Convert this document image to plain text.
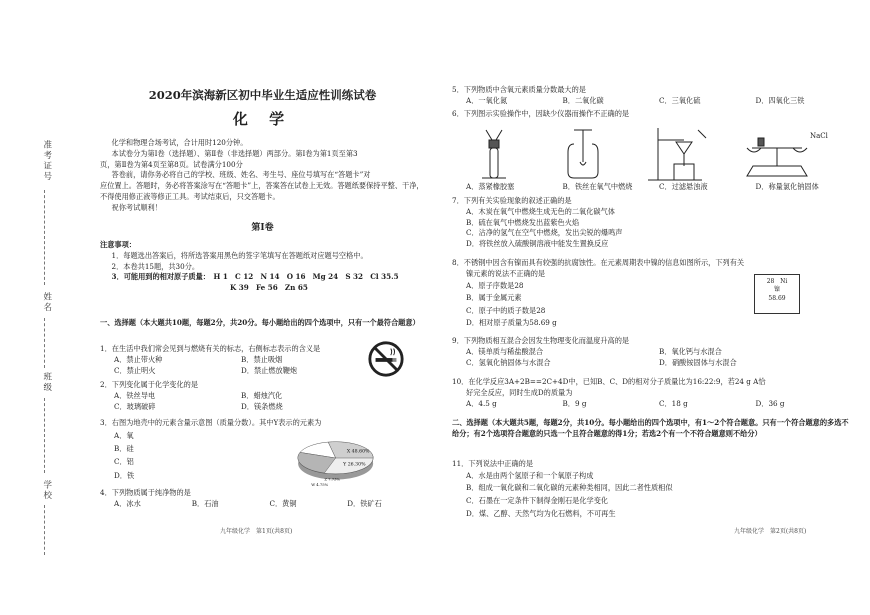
准考证号
姓名
班级
学校
2020年滨海新区初中毕业生适应性训练试卷
化 学

化学和物理合场考试，合计用时120分钟。

本试卷分为第Ⅰ卷（选择题）、第Ⅱ卷（非选择题）两部分。第Ⅰ卷为第1页至第3

页，第Ⅱ卷为第4页至第8页。试卷满分100分

答卷前，请你务必将自己的学校、班级、姓名、考生号、座位号填写在“答题卡”对

应位置上。答题时，务必将答案涂写在“答题卡”上，答案答在试卷上无效。答题纸要保持平整、干净，不得使用修正液等修正工具。考试结束后，只交答题卡。

祝你考试顺利！

第Ⅰ卷

注意事项：

1．每题选出答案后，将所选答案用黑色的签字笔填写在答题纸对应题号空格中。

2．本卷共15题，共30分。

3．可能用到的相对原子质量：　H 1　C 12　N 14　O 16　Mg 24　S 32　Cl 35.5

K 39　Fe 56　Zn 65

一、选择题（本大题共10题，每题2分，共20分。每小题给出的四个选项中，只有一个最符合题意）

1．在生活中我们常会见到与燃烧有关的标志，右侧标志表示的含义是

A．禁止带火种	B．禁止吸烟
C．禁止明火	D．禁止燃放鞭炮

2．下列变化属于化学变化的是

A．铁丝导电	B．蜡烛汽化
C．玻璃破碎	D．镁条燃烧

3．右图为地壳中的元素含量示意图（质量分数）。其中Y表示的元素为

A．氧

B．硅

C．铝

D．铁

X 48.60%
Y 26.30%
Z 7.73%
W 4.75%

4．下列物质属于纯净物的是

A．冰水	B．石油	C．黄铜	D．铁矿石
九年级化学　第1页(共8页)

5．下列物质中含氧元素质量分数最大的是

A．一氧化氮	B．二氧化碳	C．三氧化硫	D．四氧化三铁

6．下列图示实验操作中，因缺少仪器而操作不正确的是

NaCl
A．蒸紧橡胶塞	B．铁丝在氧气中燃烧	C．过滤悬浊液	D．称量氯化钠固体

7．下列有关实验现象的叙述正确的是

A．木炭在氧气中燃烧生成无色的二氧化碳气体

B．硫在氧气中燃烧发出蓝紫色火焰

C．沾净的氢气在空气中燃烧，发出尖锐的爆鸣声

D．将铁丝放入硫酸铜溶液中能发生置换反应

8．不锈钢中因含有镍而具有较强的抗腐蚀性。在元素周期表中镍的信息如图所示，下列有关

镍元素的说法不正确的是

A．原子序数是28

B．属于金属元素

C．原子中的质子数是28

D．相对原子质量为58.69 g

28 Ni
镍
58.69

9．下列物质相互混合会因发生物理变化而温度升高的是

A．镁单质与稀盐酸混合	B．氧化钙与水混合
C．氢氧化钠固体与水混合	D．硝酸铵固体与水混合

10．在化学反应3A+2B==2C+4D中，已知B、C、D的相对分子质量比为16:22:9，若24 g A恰

好完全反应，同时生成D的质量为

A．4.5 g	B．9 g	C．18 g	D．36 g
二、选择题（本大题共5题，每题2分，共10分。每小题给出的四个选项中，有1～2个符合题意。只有一个符合题意的多选不给分；有2个选项符合题意的只选一个且符合题意的得1分；若选2个有一个不符合题意则不给分）

11．下列说法中正确的是

A．水是由两个氢原子和一个氧原子构成

B．组成一氧化碳和二氧化碳的元素种类相同，因此二者性质相似

C．石墨在一定条件下制得金刚石是化学变化

D．煤、乙醇、天然气均为化石燃料，不可再生

九年级化学　第2页(共8页)
